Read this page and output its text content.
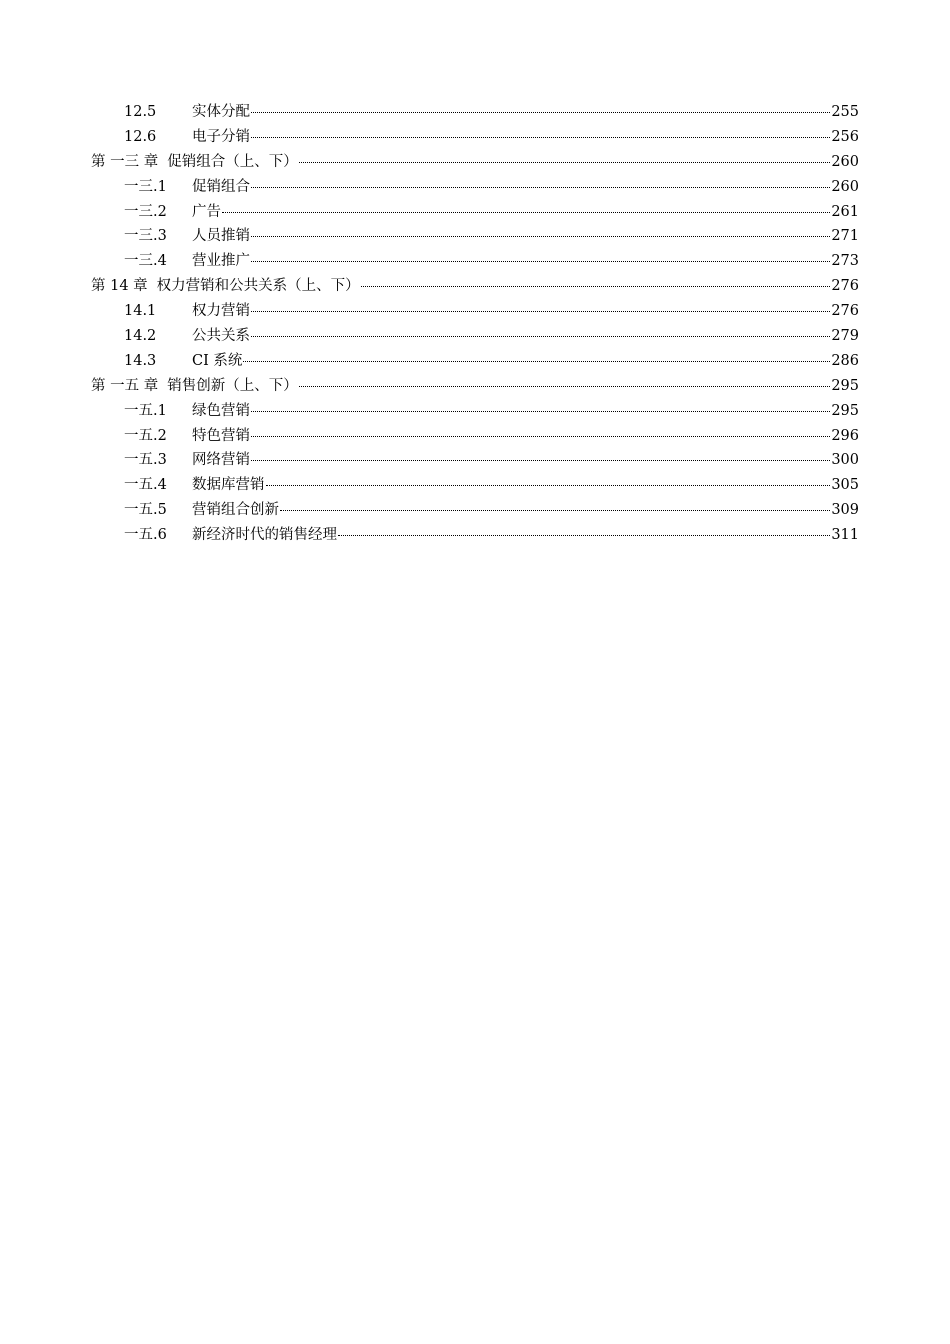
12.5	实体分配	255
12.6	电子分销	256
第 一三 章 促销组合（上、下）	260
一三.1	促销组合	260
一三.2	广告	261
一三.3	人员推销	271
一三.4	营业推广	273
第 14 章 权力营销和公共关系（上、下）	276
14.1	权力营销	276
14.2	公共关系	279
14.3	CI 系统	286
第 一五 章 销售创新（上、下）	295
一五.1	绿色营销	295
一五.2	特色营销	296
一五.3	网络营销	300
一五.4	数据库营销	305
一五.5	营销组合创新	309
一五.6	新经济时代的销售经理	311
